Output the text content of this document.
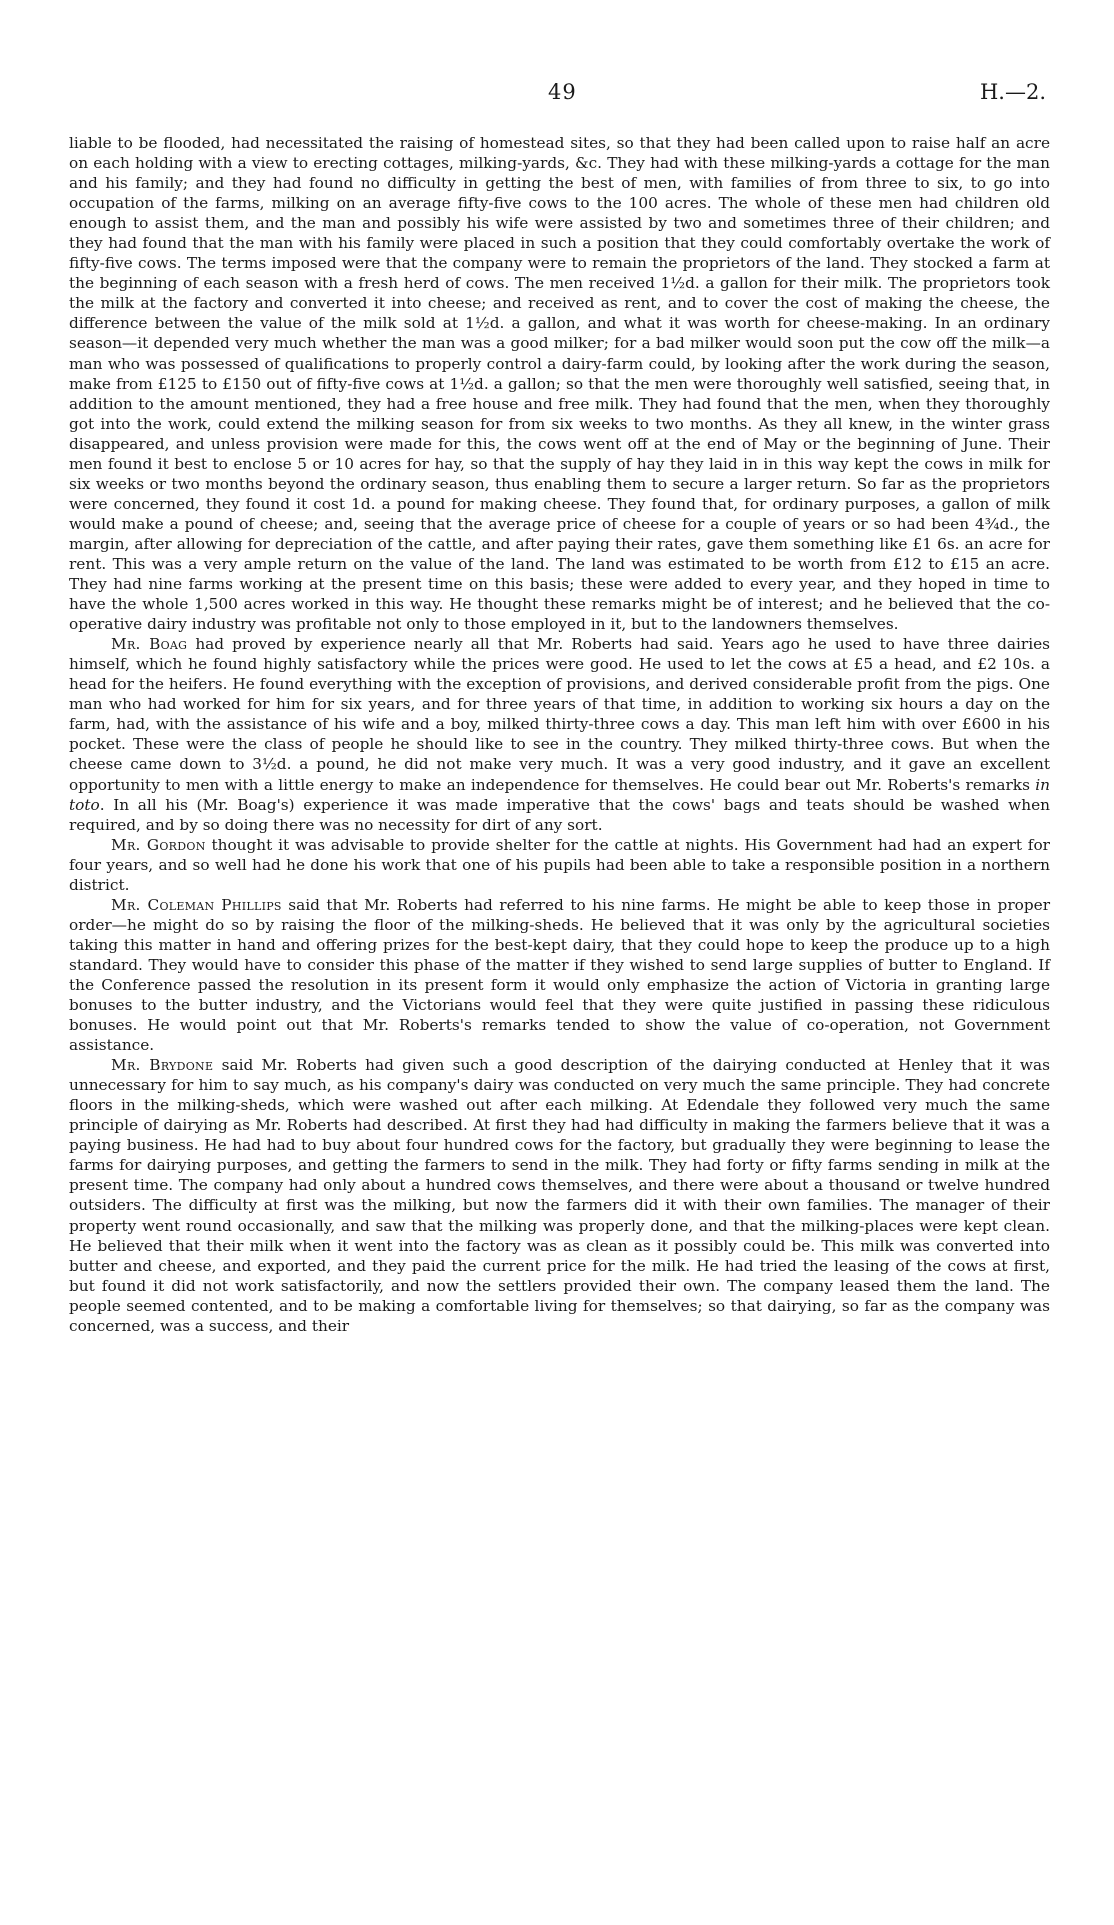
49	H.—2.

liable to be flooded, had necessitated the raising of homestead sites, so that they had been called upon to raise half an acre on each holding with a view to erecting cottages, milking-yards, &c. They had with these milking-yards a cottage for the man and his family; and they had found no difficulty in getting the best of men, with families of from three to six, to go into occupation of the farms, milking on an average fifty-five cows to the 100 acres. The whole of these men had children old enough to assist them, and the man and possibly his wife were assisted by two and sometimes three of their children; and they had found that the man with his family were placed in such a position that they could comfortably overtake the work of fifty-five cows. The terms imposed were that the company were to remain the proprietors of the land. They stocked a farm at the beginning of each season with a fresh herd of cows. The men received 1½d. a gallon for their milk. The proprietors took the milk at the factory and converted it into cheese; and received as rent, and to cover the cost of making the cheese, the difference between the value of the milk sold at 1½d. a gallon, and what it was worth for cheese-making. In an ordinary season—it depended very much whether the man was a good milker; for a bad milker would soon put the cow off the milk—a man who was possessed of qualifications to properly control a dairy-farm could, by looking after the work during the season, make from £125 to £150 out of fifty-five cows at 1½d. a gallon; so that the men were thoroughly well satisfied, seeing that, in addition to the amount mentioned, they had a free house and free milk. They had found that the men, when they thoroughly got into the work, could extend the milking season for from six weeks to two months. As they all knew, in the winter grass disappeared, and unless provision were made for this, the cows went off at the end of May or the beginning of June. Their men found it best to enclose 5 or 10 acres for hay, so that the supply of hay they laid in in this way kept the cows in milk for six weeks or two months beyond the ordinary season, thus enabling them to secure a larger return. So far as the proprietors were concerned, they found it cost 1d. a pound for making cheese. They found that, for ordinary purposes, a gallon of milk would make a pound of cheese; and, seeing that the average price of cheese for a couple of years or so had been 4¾d., the margin, after allowing for depreciation of the cattle, and after paying their rates, gave them something like £1 6s. an acre for rent. This was a very ample return on the value of the land. The land was estimated to be worth from £12 to £15 an acre. They had nine farms working at the present time on this basis; these were added to every year, and they hoped in time to have the whole 1,500 acres worked in this way. He thought these remarks might be of interest; and he believed that the co-operative dairy industry was profitable not only to those employed in it, but to the landowners themselves.

Mr. Boag had proved by experience nearly all that Mr. Roberts had said. Years ago he used to have three dairies himself, which he found highly satisfactory while the prices were good. He used to let the cows at £5 a head, and £2 10s. a head for the heifers. He found everything with the exception of provisions, and derived considerable profit from the pigs. One man who had worked for him for six years, and for three years of that time, in addition to working six hours a day on the farm, had, with the assistance of his wife and a boy, milked thirty-three cows a day. This man left him with over £600 in his pocket. These were the class of people he should like to see in the country. They milked thirty-three cows. But when the cheese came down to 3½d. a pound, he did not make very much. It was a very good industry, and it gave an excellent opportunity to men with a little energy to make an independence for themselves. He could bear out Mr. Roberts's remarks in toto. In all his (Mr. Boag's) experience it was made imperative that the cows' bags and teats should be washed when required, and by so doing there was no necessity for dirt of any sort.

Mr. Gordon thought it was advisable to provide shelter for the cattle at nights. His Government had had an expert for four years, and so well had he done his work that one of his pupils had been able to take a responsible position in a northern district.

Mr. Coleman Phillips said that Mr. Roberts had referred to his nine farms. He might be able to keep those in proper order—he might do so by raising the floor of the milking-sheds. He believed that it was only by the agricultural societies taking this matter in hand and offering prizes for the best-kept dairy, that they could hope to keep the produce up to a high standard. They would have to consider this phase of the matter if they wished to send large supplies of butter to England. If the Conference passed the resolution in its present form it would only emphasize the action of Victoria in granting large bonuses to the butter industry, and the Victorians would feel that they were quite justified in passing these ridiculous bonuses. He would point out that Mr. Roberts's remarks tended to show the value of co-operation, not Government assistance.

Mr. Brydone said Mr. Roberts had given such a good description of the dairying conducted at Henley that it was unnecessary for him to say much, as his company's dairy was conducted on very much the same principle. They had concrete floors in the milking-sheds, which were washed out after each milking. At Edendale they followed very much the same principle of dairying as Mr. Roberts had described. At first they had had difficulty in making the farmers believe that it was a paying business. He had had to buy about four hundred cows for the factory, but gradually they were beginning to lease the farms for dairying purposes, and getting the farmers to send in the milk. They had forty or fifty farms sending in milk at the present time. The company had only about a hundred cows themselves, and there were about a thousand or twelve hundred outsiders. The difficulty at first was the milking, but now the farmers did it with their own families. The manager of their property went round occasionally, and saw that the milking was properly done, and that the milking-places were kept clean. He believed that their milk when it went into the factory was as clean as it possibly could be. This milk was converted into butter and cheese, and exported, and they paid the current price for the milk. He had tried the leasing of the cows at first, but found it did not work satisfactorily, and now the settlers provided their own. The company leased them the land. The people seemed contented, and to be making a comfortable living for themselves; so that dairying, so far as the company was concerned, was a success, and their
